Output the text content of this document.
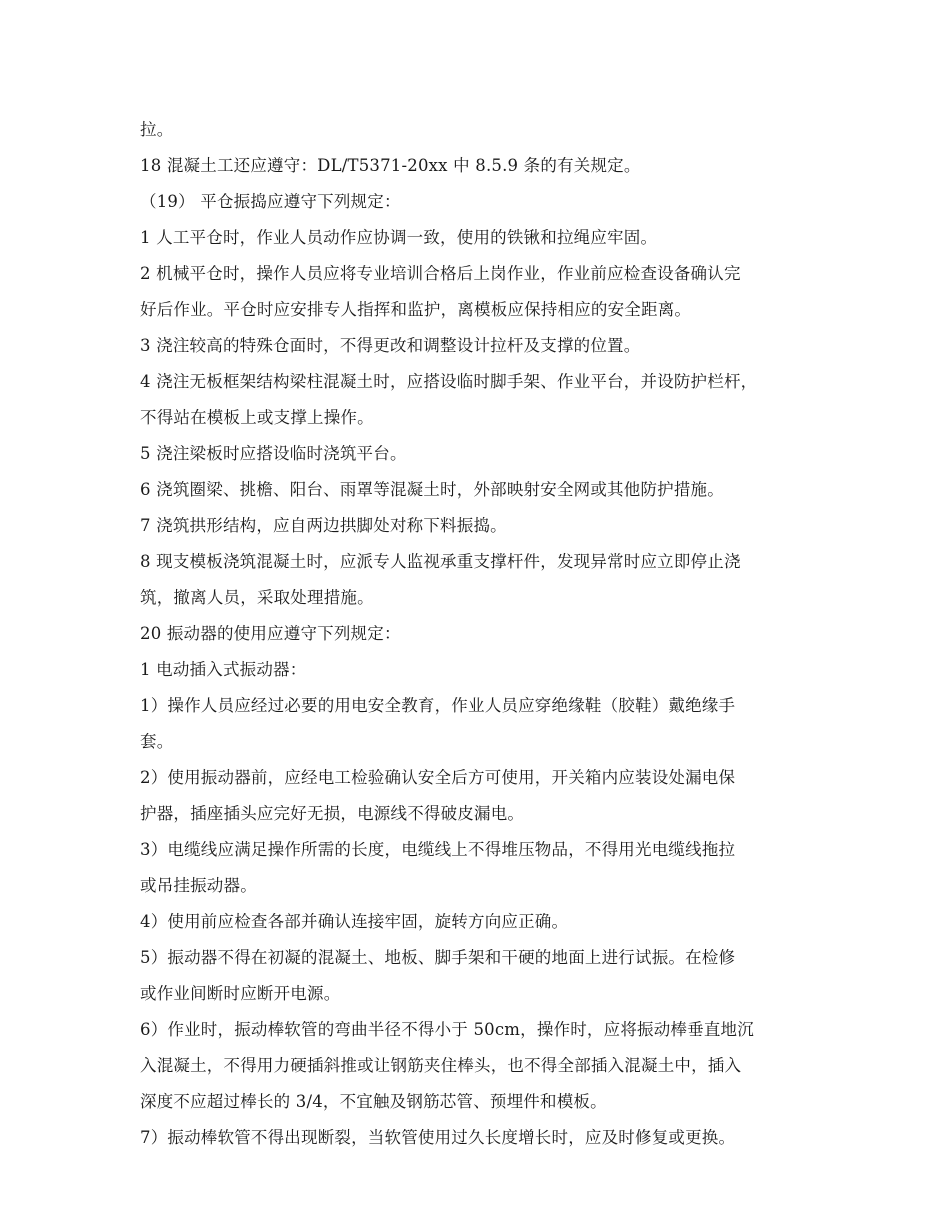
拉。
18 混凝土工还应遵守：DL/T5371-20xx 中 8.5.9 条的有关规定。
（19） 平仓振捣应遵守下列规定：
1 人工平仓时，作业人员动作应协调一致，使用的铁锹和拉绳应牢固。
2 机械平仓时，操作人员应将专业培训合格后上岗作业，作业前应检查设备确认完
好后作业。平仓时应安排专人指挥和监护，离模板应保持相应的安全距离。
3 浇注较高的特殊仓面时，不得更改和调整设计拉杆及支撑的位置。
4 浇注无板框架结构梁柱混凝土时，应搭设临时脚手架、作业平台，并设防护栏杆，
不得站在模板上或支撑上操作。
5 浇注梁板时应搭设临时浇筑平台。
6 浇筑圈梁、挑檐、阳台、雨罩等混凝土时，外部映射安全网或其他防护措施。
7 浇筑拱形结构，应自两边拱脚处对称下料振捣。
8 现支模板浇筑混凝土时，应派专人监视承重支撑杆件，发现异常时应立即停止浇
筑，撤离人员，采取处理措施。
20 振动器的使用应遵守下列规定：
1 电动插入式振动器：
1）操作人员应经过必要的用电安全教育，作业人员应穿绝缘鞋（胶鞋）戴绝缘手
套。
2）使用振动器前，应经电工检验确认安全后方可使用，开关箱内应装设处漏电保
护器，插座插头应完好无损，电源线不得破皮漏电。
3）电缆线应满足操作所需的长度，电缆线上不得堆压物品，不得用光电缆线拖拉
或吊挂振动器。
4）使用前应检查各部并确认连接牢固，旋转方向应正确。
5）振动器不得在初凝的混凝土、地板、脚手架和干硬的地面上进行试振。在检修
或作业间断时应断开电源。
6）作业时，振动棒软管的弯曲半径不得小于 50cm，操作时，应将振动棒垂直地沉
入混凝土，不得用力硬插斜推或让钢筋夹住棒头，也不得全部插入混凝土中，插入
深度不应超过棒长的 3/4，不宜触及钢筋芯管、预埋件和模板。
7）振动棒软管不得出现断裂，当软管使用过久长度增长时，应及时修复或更换。
